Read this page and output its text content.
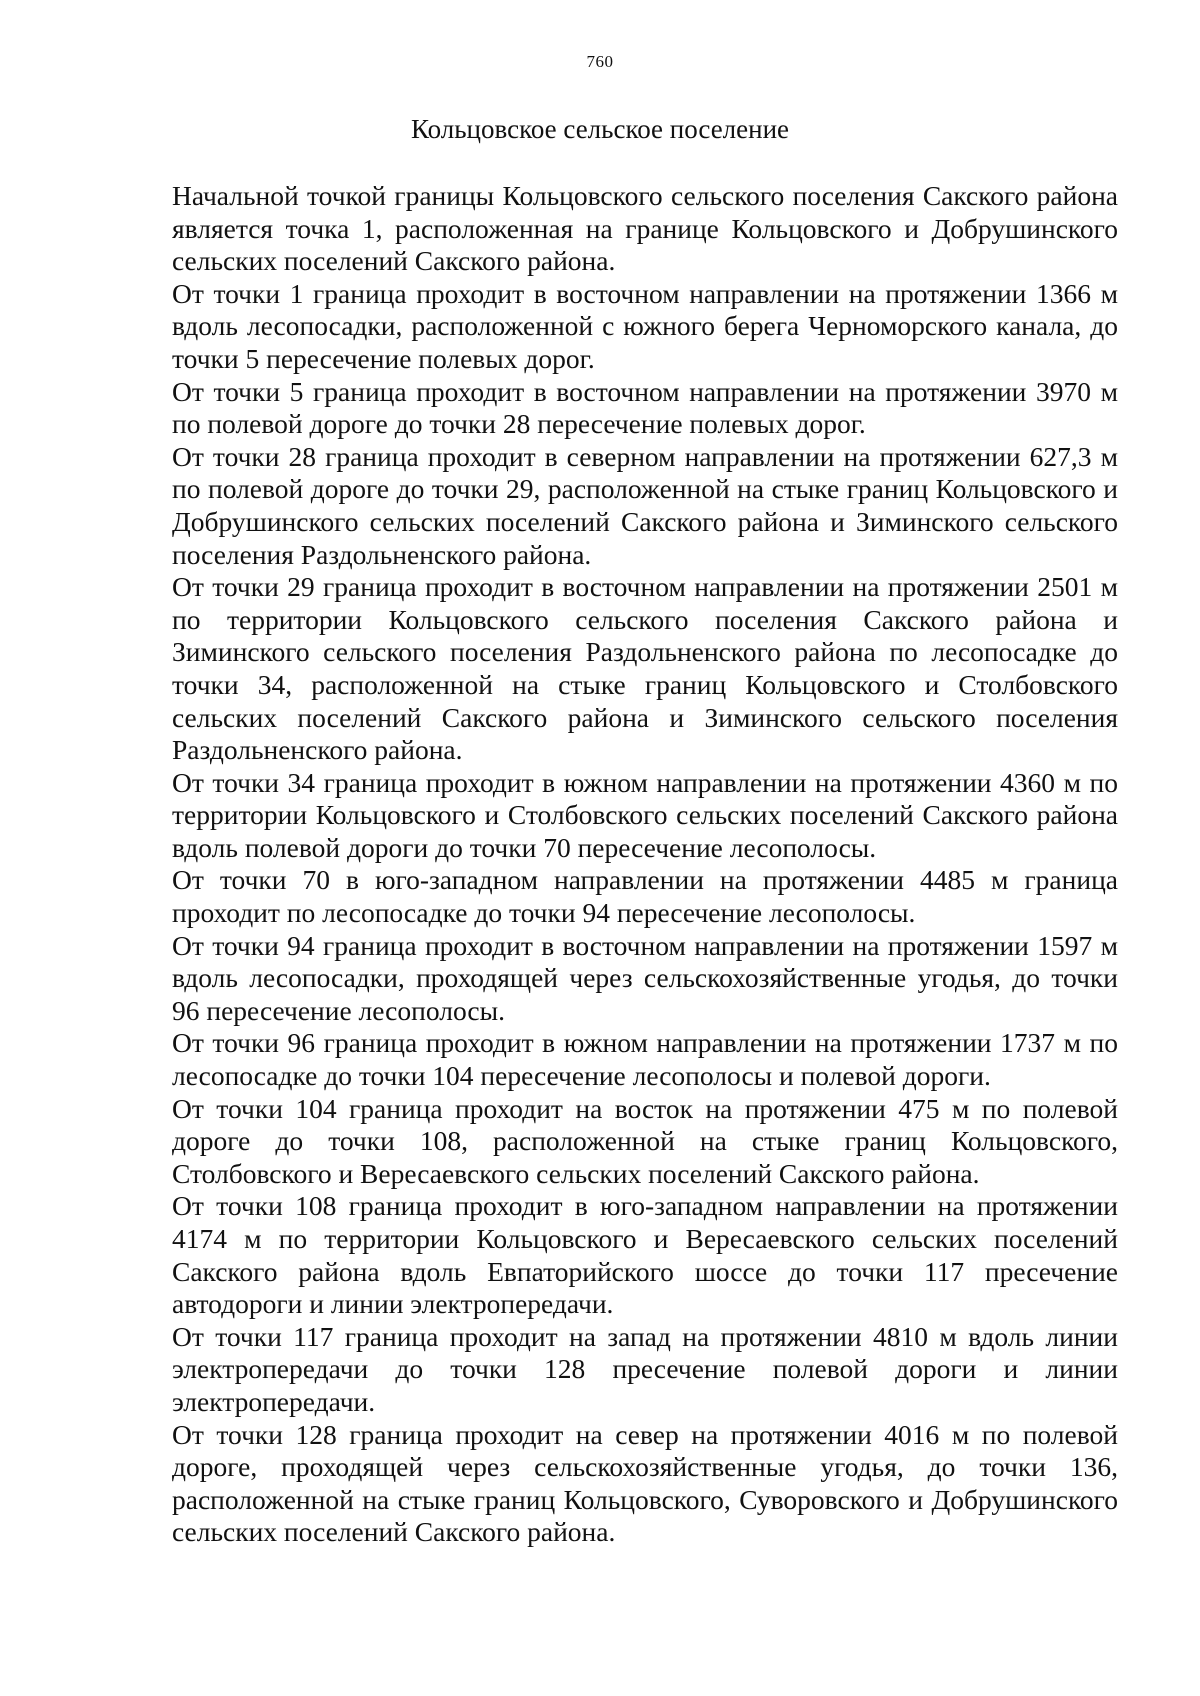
760
Кольцовское сельское поселение

Начальной точкой границы Кольцовского сельского поселения Сакского района является точка 1, расположенная на границе Кольцовского и Добрушинского сельских поселений Сакского района.

От точки 1 граница проходит в восточном направлении на протяжении 1366 м вдоль лесопосадки, расположенной с южного берега Черноморского канала, до точки 5 пересечение полевых дорог.

От точки 5 граница проходит в восточном направлении на протяжении 3970 м по полевой дороге до точки 28 пересечение полевых дорог.

От точки 28 граница проходит в северном направлении на протяжении 627,3 м по полевой дороге до точки 29, расположенной на стыке границ Кольцовского и Добрушинского сельских поселений Сакского района и Зиминского сельского поселения Раздольненского района.

От точки 29 граница проходит в восточном направлении на протяжении 2501 м по территории Кольцовского сельского поселения Сакского района и Зиминского сельского поселения Раздольненского района по лесопосадке до точки 34, расположенной на стыке границ Кольцовского и Столбовского сельских поселений Сакского района и Зиминского сельского поселения Раздольненского района.

От точки 34 граница проходит в южном направлении на протяжении 4360 м по территории Кольцовского и Столбовского сельских поселений Сакского района вдоль полевой дороги до точки 70 пересечение лесополосы.

От точки 70 в юго-западном направлении на протяжении 4485 м граница проходит по лесопосадке до точки 94 пересечение лесополосы.

От точки 94 граница проходит в восточном направлении на протяжении 1597 м вдоль лесопосадки, проходящей через сельскохозяйственные угодья, до точки 96 пересечение лесополосы.

От точки 96 граница проходит в южном направлении на протяжении 1737 м по лесопосадке до точки 104 пересечение лесополосы и полевой дороги.

От точки 104 граница проходит на восток на протяжении 475 м по полевой дороге до точки 108, расположенной на стыке границ Кольцовского, Столбовского и Вересаевского сельских поселений Сакского района.

От точки 108 граница проходит в юго-западном направлении на протяжении 4174 м по территории Кольцовского и Вересаевского сельских поселений Сакского района вдоль Евпаторийского шоссе до точки 117 пресечение автодороги и линии электропередачи.

От точки 117 граница проходит на запад на протяжении 4810 м вдоль линии электропередачи до точки 128 пресечение полевой дороги и линии электропередачи.

От точки 128 граница проходит на север на протяжении 4016 м по полевой дороге, проходящей через сельскохозяйственные угодья, до точки 136, расположенной на стыке границ Кольцовского, Суворовского и Добрушинского сельских поселений Сакского района.
